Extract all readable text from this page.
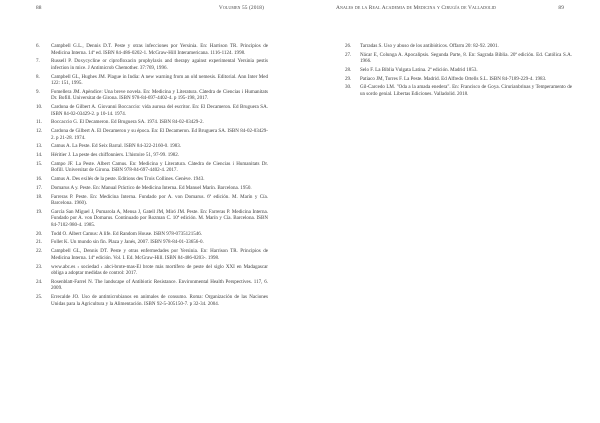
88	Volumen 55 (2018)
6.	Campbell G.L., Dennis D.T. Peste y otras infecciones por Yersinia. En: Harrison TR. Principios de Medicina Interna. 14ª ed. ISBN 84-486-0202-1. McGraw-Hill Interamericana. 1116-1124. 1998.
7.	Russell P. Doxycycline or ciprofloxacin prophylaxis and therapy against experimental Yersinia pestis infection in mice. J Antimicrob Chemother. 37:769, 1996.
8.	Campbell GL, Hughes JM. Plague in India: A new warning from an old nemesis. Editorial. Ann Inter Med 122: 151, 1995.
9.	Fomellera JM. Apèndice: Una breve novela. En: Medicina y Literatura. Càtedra de Ciencias i Humanitats Dr. Bofill. Universitat de Girona. ISBN 978-84-697-4402-4. p 195-198, 2017.
10.	Cardona de Gilbert A. Giovanni Boccaccio: vida aurosa del escritor. En: El Decameron. Ed Bruguera SA. ISBN 84-02-03429-2. p 10-14. 1974.
11.	Boccaccio G. El Decameron. Ed Bruguera SA. 1974. ISBN 84-02-03429-2.
12.	Cardona de Gilbert A. El Decameron y su época. En: El Decameron. Ed Bruguera SA. ISBN 84-02-03429-2. p 21-28. 1974.
13.	Camus A. La Peste. Ed Seix Barral. ISBN 84-322-2160-0. 1983.
14.	Héritier J. La peste des chiffonniers. L'histoire 51, 97-99. 1982.
15.	Campo JF. La Peste. Albert Camus. En: Medicina y Literatura. Càtedra de Ciencias i Humanitats Dr. Bofill. Universitat de Girona. ISBN 978-84-697-4402-4. 2017.
16.	Camus A. Des exilés de la peste. Editions des Trois Collines. Genève. 1943.
17.	Domarus A y. Peste. En: Manual Práctico de Medicina Interna. Ed Manuel Marín. Barcelona. 1950.
18.	Farreras P. Peste. En: Medicina Interna. Fundado por A. von Domarus. 6ª edición. M. Marín y Cía. Barcelona. 1960).
19.	García San Miguel J, Pumarola A, Mensa J, Gatell JM, Miró JM. Peste. En: Farreras P. Medicina Interna. Fundado por A. von Domarus. Continuado por Rozman C. 10ª edición. M. Marín y Cía. Barcelona. ISBN 84-7102-980-4. 1985.
20.	Todd O. Albert Camus: A life. Ed Random House. ISBN 978-0735121546.
21.	Follet K. Un mundo sin fin. Plaza y Janés, 2007. ISBN 978-84-01-33656-0.
22.	Campbell GL, Dennis DT. Peste y otras enfermedades por Yersinia. En: Harrison TR. Principios de Medicina Interna. 14ª edición. Vol. I. Ed. McGraw-Hill. ISBN 84-486-0203-. 1998.
23.	www.abc.es › sociedad › abci-brote-mas-El brote más mortífero de peste del siglo XXI en Madagascar obliga a adoptar medidas de control: 2017.
24.	Rosenblatt-Farrel N. The landscape of Antibiotic Resistance. Environmental Health Perspectives. 117, 6. 2009.
25.	Errecalde JO. Uso de antimicrobianos en animales de consumo. Roma: Organización de las Naciones Unidas para la Agricultura y la Alimentación. ISBN 92-5-305150-7. p 32-34. 2004.
Anales de la Real Academia de Medicina y Cirugía de Valladolid	89
26.	Tarradas S. Uso y abuso de los antibióticos. Offarm 20: 82-92. 2001.
27.	Nácar E, Colunga A. Apocalipsis. Segunda Parte, 8. En: Sagrada Biblia. 20ª edición. Ed. Católica S.A. 1966.
28.	Selo F. La Biblia Vulgata Latina. 2ª edición. Madrid 1853.
29.	Patiaco JM, Torres F. La Peste. Madrid. Ed Alfredo Ortells S.L. ISBN 84-7189-229-4. 1983.
30.	Gil-Carcedo LM. "Oda a la amada enedera". En: Francisco de Goya. Cirurianbrinas y Temperamento de un sordo genial. Libertas Ediciones. Valladolid. 2018.
